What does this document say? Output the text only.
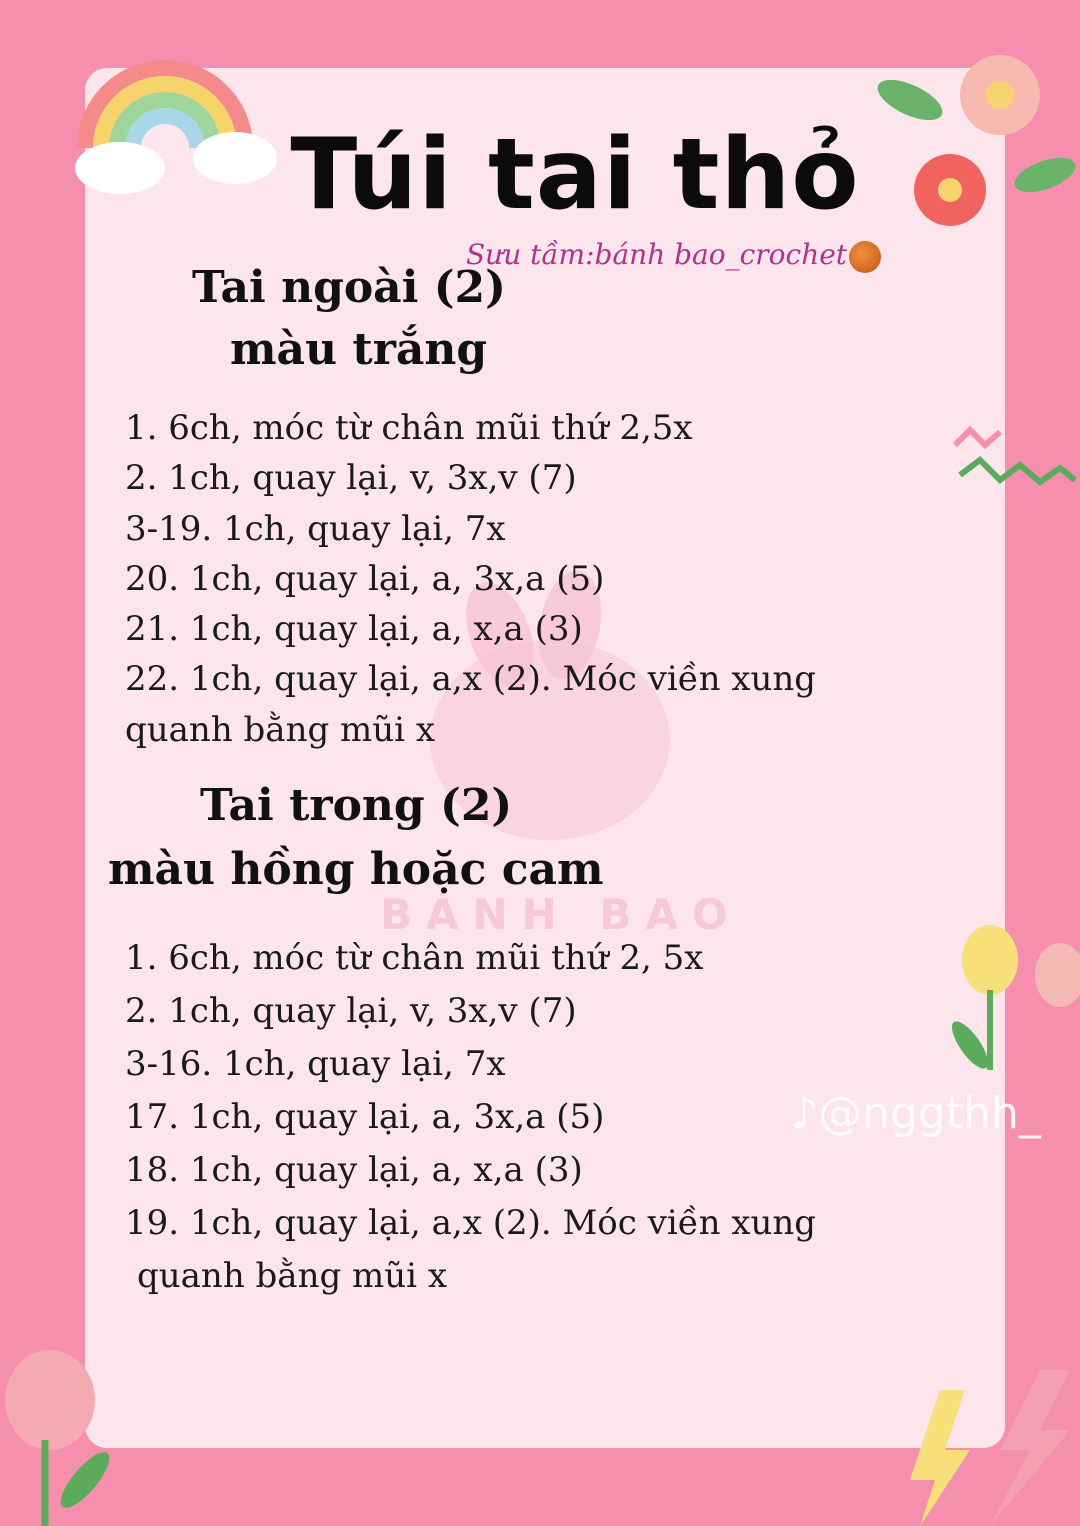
BÁNH BAO
Túi tai thỏ
Sưu tầm:bánh bao_crochet
Tai ngoài (2)
màu trắng
1. 6ch, móc từ chân mũi thứ 2,5x
2. 1ch, quay lại, v, 3x,v (7)
3-19. 1ch, quay lại, 7x
20. 1ch, quay lại, a, 3x,a (5)
21. 1ch, quay lại, a, x,a (3)
22. 1ch, quay lại, a,x (2). Móc viền xung
quanh bằng mũi x
Tai trong (2)
màu hồng hoặc cam
1. 6ch, móc từ chân mũi thứ 2, 5x
2. 1ch, quay lại, v, 3x,v (7)
3-16. 1ch, quay lại, 7x
17. 1ch, quay lại, a, 3x,a (5)
18. 1ch, quay lại, a, x,a (3)
19. 1ch, quay lại, a,x (2). Móc viền xung
quanh bằng mũi x
♪@nggthh_
